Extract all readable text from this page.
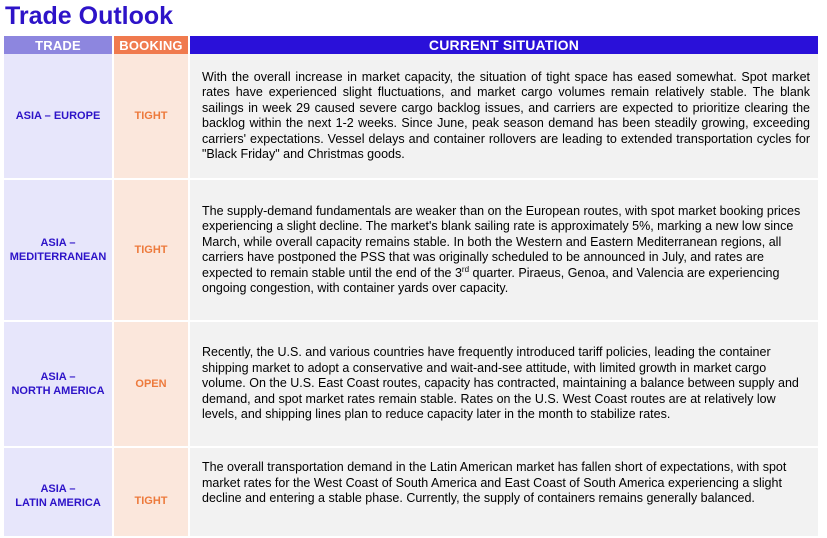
Trade Outlook
TRADE	BOOKING	CURRENT SITUATION

ASIA – EUROPE	TIGHT	With the overall increase in market capacity, the situation of tight space has eased somewhat. Spot market rates have experienced slight fluctuations, and market cargo volumes remain relatively stable. The blank sailings in week 29 caused severe cargo backlog issues, and carriers are expected to prioritize clearing the backlog within the next 1-2 weeks. Since June, peak season demand has been steadily growing, exceeding carriers' expectations. Vessel delays and container rollovers are leading to extended transportation cycles for "Black Friday" and Christmas goods.

ASIA –
MEDITERRANEAN	TIGHT	The supply-demand fundamentals are weaker than on the European routes, with spot market booking prices experiencing a slight decline. The market's blank sailing rate is approximately 5%, marking a new low since March, while overall capacity remains stable. In both the Western and Eastern Mediterranean regions, all carriers have postponed the PSS that was originally scheduled to be announced in July, and rates are expected to remain stable until the end of the 3rd quarter. Piraeus, Genoa, and Valencia are experiencing ongoing congestion, with container yards over capacity.

ASIA –
NORTH AMERICA	OPEN	Recently, the U.S. and various countries have frequently introduced tariff policies, leading the container shipping market to adopt a conservative and wait-and-see attitude, with limited growth in market cargo volume. On the U.S. East Coast routes, capacity has contracted, maintaining a balance between supply and demand, and spot market rates remain stable. Rates on the U.S. West Coast routes are at relatively low levels, and shipping lines plan to reduce capacity later in the month to stabilize rates.

ASIA –
LATIN AMERICA	TIGHT	The overall transportation demand in the Latin American market has fallen short of expectations, with spot market rates for the West Coast of South America and East Coast of South America experiencing a slight decline and entering a stable phase. Currently, the supply of containers remains generally balanced.
